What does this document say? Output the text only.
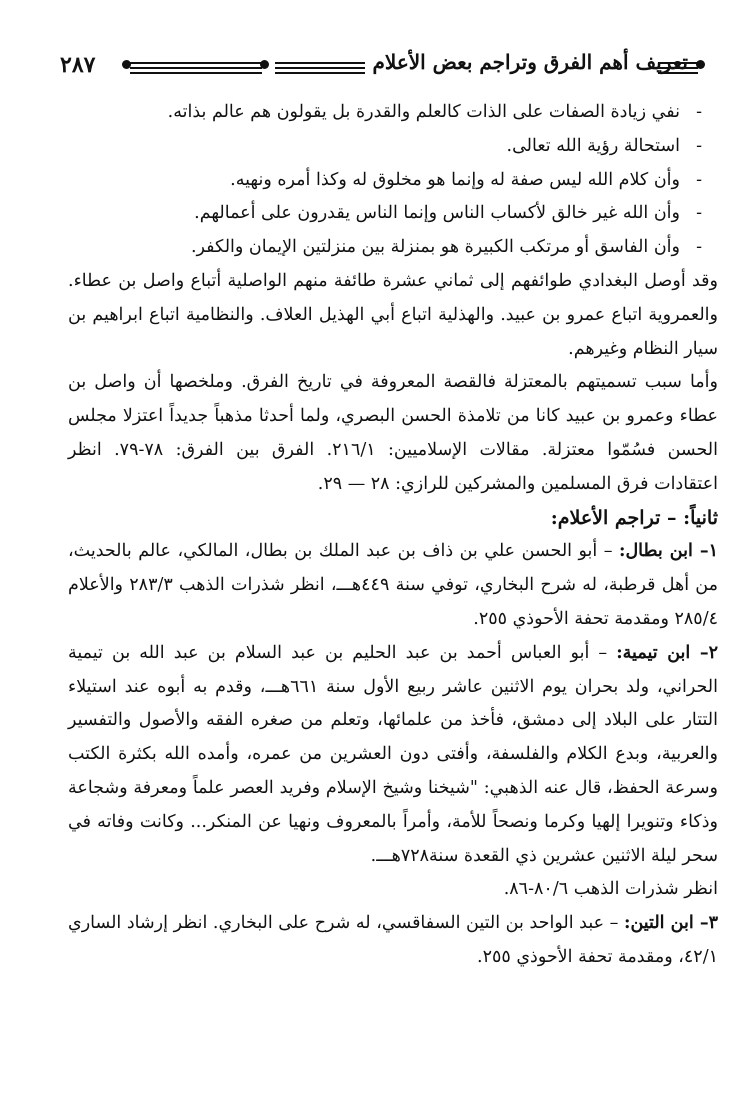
٢٨٧	تعريف أهم الفرق وتراجم بعض الأعلام
- نفي زيادة الصفات على الذات كالعلم والقدرة بل يقولون هم عالم بذاته.
- استحالة رؤية الله تعالى.
- وأن كلام الله ليس صفة له وإنما هو مخلوق له وكذا أمره ونهيه.
- وأن الله غير خالق لأكساب الناس وإنما الناس يقدرون على أعمالهم.
- وأن الفاسق أو مرتكب الكبيرة هو بمنزلة بين منزلتين الإيمان والكفر.

وقد أوصل البغدادي طوائفهم إلى ثماني عشرة طائفة منهم الواصلية أتباع واصل بن عطاء. والعمروية اتباع عمرو بن عبيد. والهذلية اتباع أبي الهذيل العلاف. والنظامية اتباع ابراهيم بن سيار النظام وغيرهم.

وأما سبب تسميتهم بالمعتزلة فالقصة المعروفة في تاريخ الفرق. وملخصها أن واصل بن عطاء وعمرو بن عبيد كانا من تلامذة الحسن البصري، ولما أحدثا مذهباً جديداً اعتزلا مجلس الحسن فسُمّوا معتزلة. مقالات الإسلاميين: ٢١٦/١. الفرق بين الفرق: ٧٨-٧٩. انظر اعتقادات فرق المسلمين والمشركين للرازي: ٢٨ — ٢٩.

ثانياً: – تراجم الأعلام:

١– ابن بطال: – أبو الحسن علي بن ذاف بن عبد الملك بن بطال، المالكي، عالم بالحديث، من أهل قرطبة، له شرح البخاري، توفي سنة ٤٤٩هـــ، انظر شذرات الذهب ٢٨٣/٣ والأعلام ٢٨٥/٤ ومقدمة تحفة الأحوذي ٢٥٥.

٢– ابن تيمية: – أبو العباس أحمد بن عبد الحليم بن عبد السلام بن عبد الله بن تيمية الحراني، ولد بحران يوم الاثنين عاشر ربيع الأول سنة ٦٦١هـــ، وقدم به أبوه عند استيلاء التتار على البلاد إلى دمشق، فأخذ من علمائها، وتعلم من صغره الفقه والأصول والتفسير والعربية، وبدع الكلام والفلسفة، وأفتى دون العشرين من عمره، وأمده الله بكثرة الكتب وسرعة الحفظ، قال عنه الذهبي: "شيخنا وشيخ الإسلام وفريد العصر علماً ومعرفة وشجاعة وذكاء وتنويرا إلهيا وكرما ونصحاً للأمة، وأمراً بالمعروف ونهيا عن المنكر... وكانت وفاته في سحر ليلة الاثنين عشرين ذي القعدة سنة٧٢٨هـــ.

انظر شذرات الذهب ٨٠/٦-٨٦.

٣– ابن التين: – عبد الواحد بن التين السفاقسي، له شرح على البخاري. انظر إرشاد الساري ٤٢/١، ومقدمة تحفة الأحوذي ٢٥٥.
